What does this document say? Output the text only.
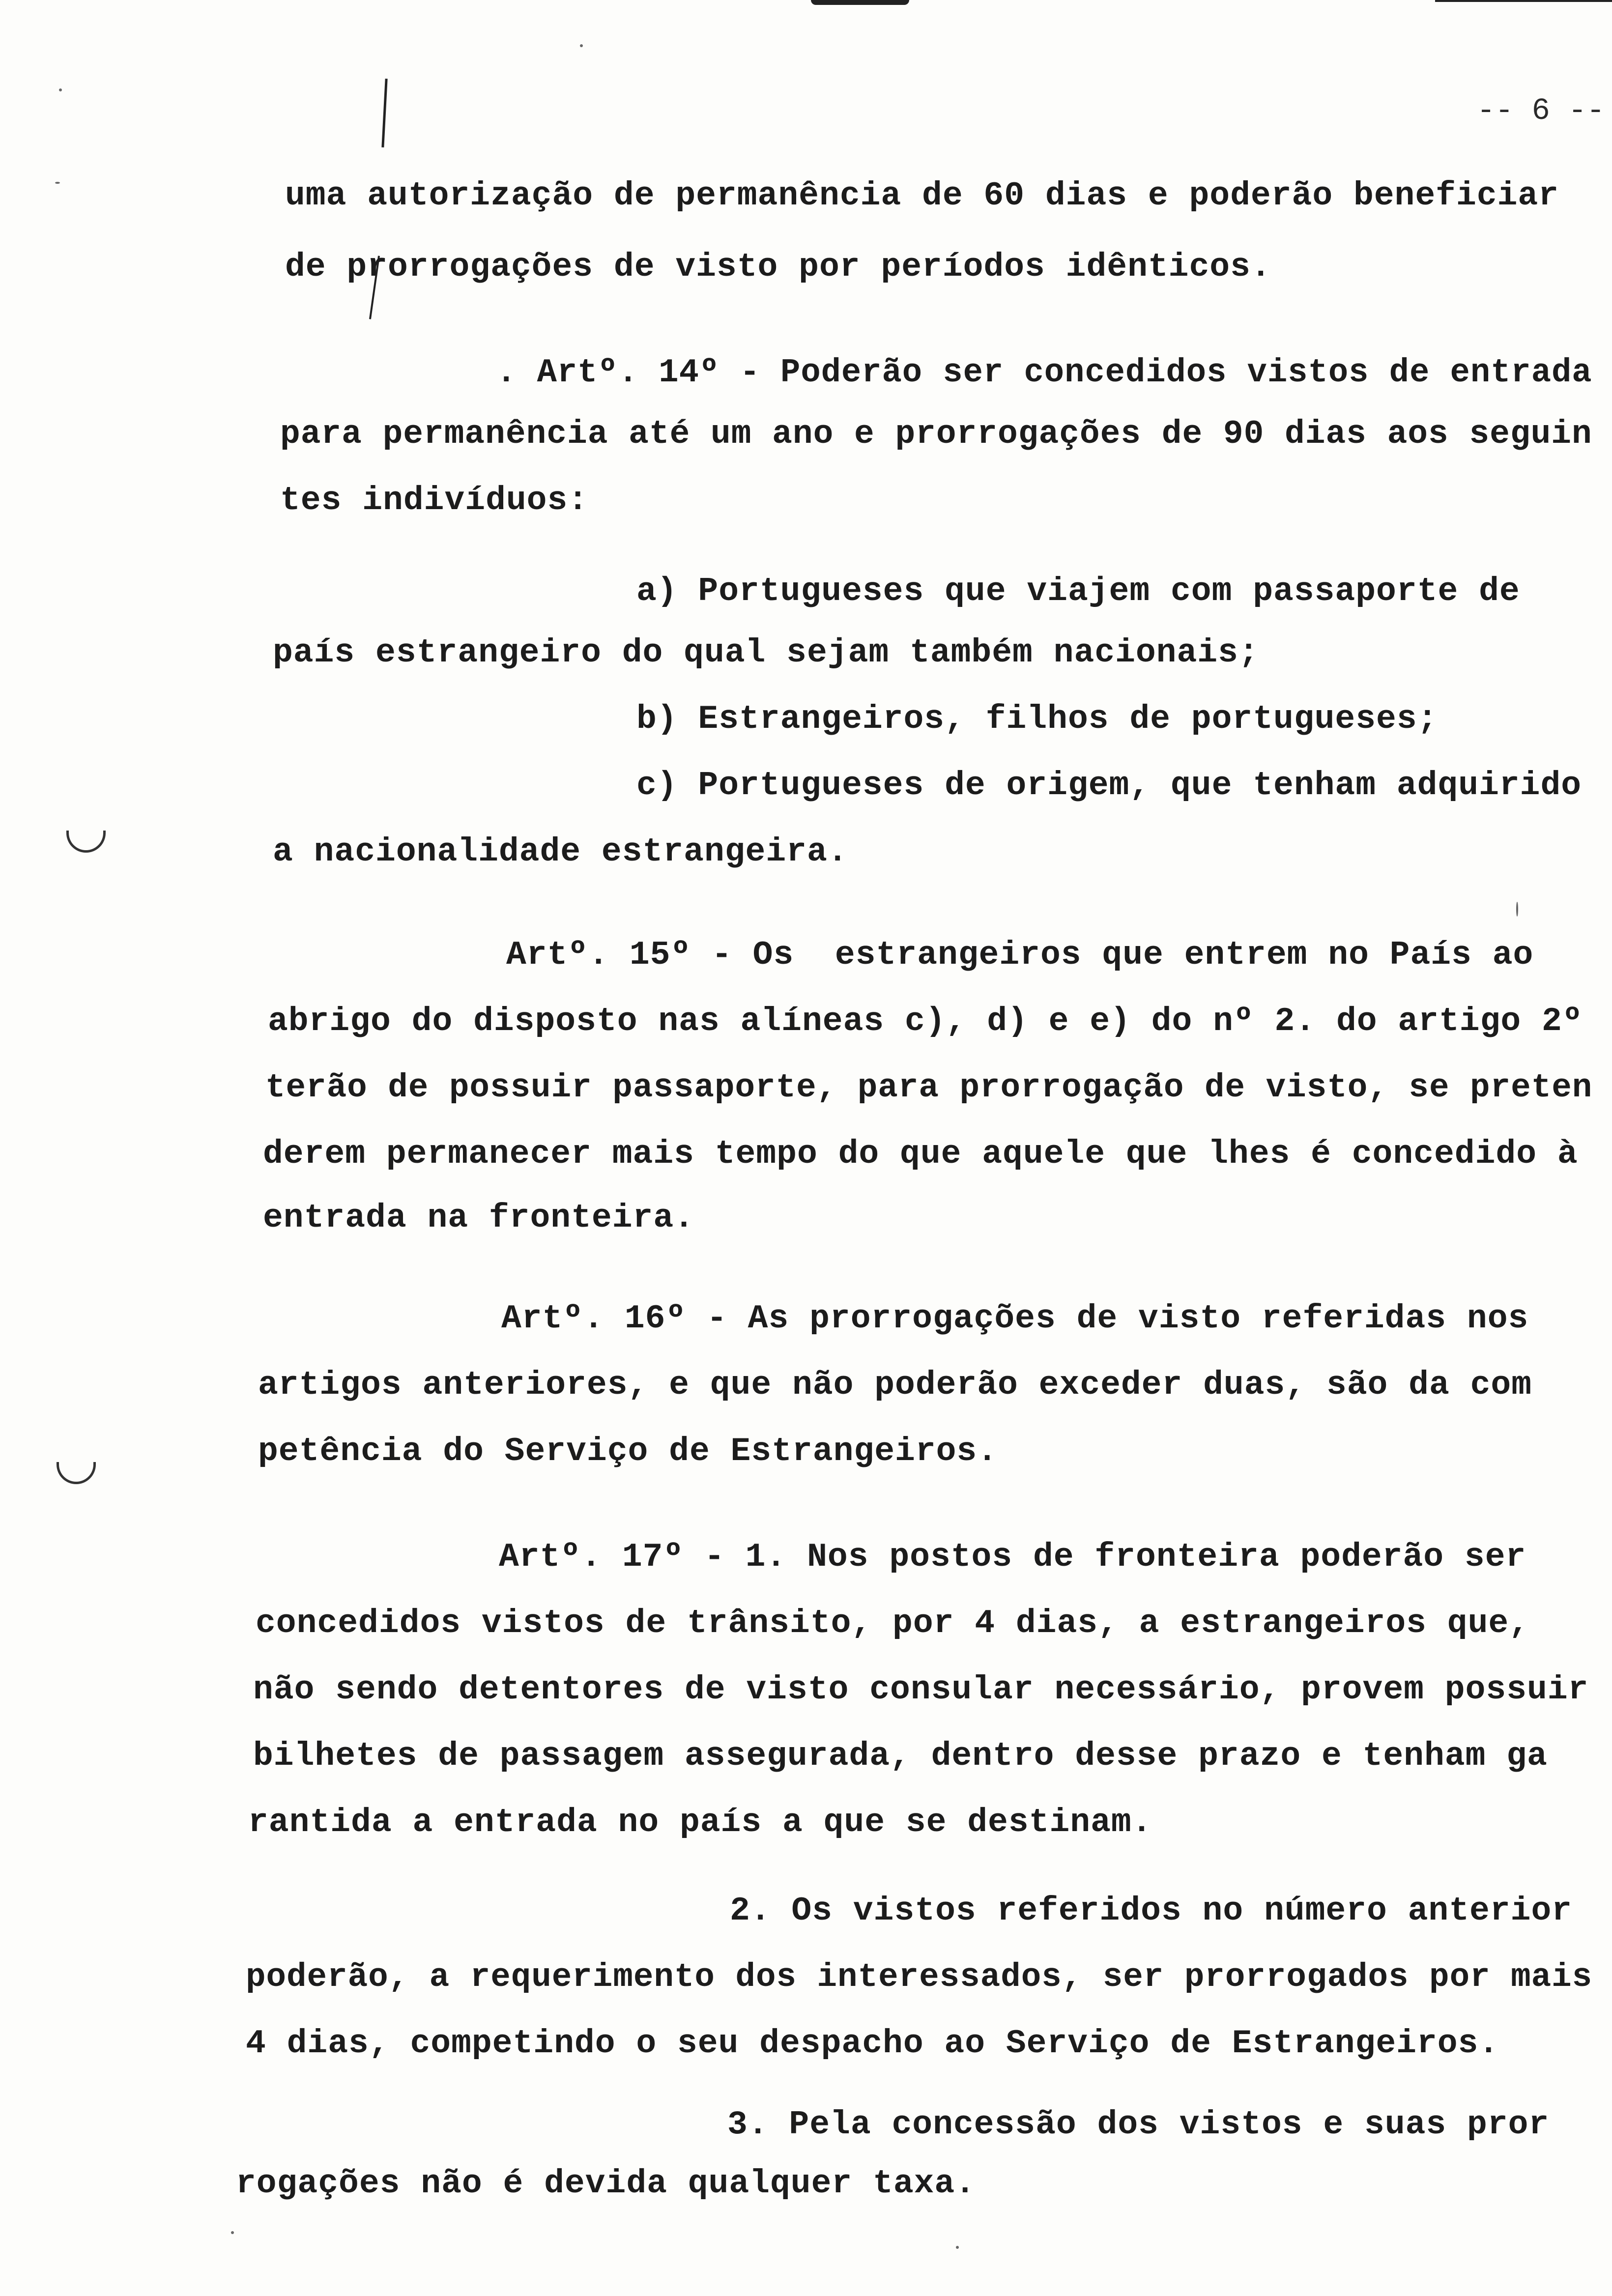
-- 6 --
uma autorização de permanência de 60 dias e poderão beneficiar
de prorrogações de visto por períodos idênticos.
. Artº. 14º - Poderão ser concedidos vistos de entrada
para permanência até um ano e prorrogações de 90 dias aos seguin
tes indivíduos:
a) Portugueses que viajem com passaporte de
país estrangeiro do qual sejam também nacionais;
b) Estrangeiros, filhos de portugueses;
c) Portugueses de origem, que tenham adquirido
a nacionalidade estrangeira.
Artº. 15º - Os  estrangeiros que entrem no País ao
abrigo do disposto nas alíneas c), d) e e) do nº 2. do artigo 2º
terão de possuir passaporte, para prorrogação de visto, se preten
derem permanecer mais tempo do que aquele que lhes é concedido à
entrada na fronteira.
Artº. 16º - As prorrogações de visto referidas nos
artigos anteriores, e que não poderão exceder duas, são da com
petência do Serviço de Estrangeiros.
Artº. 17º - 1. Nos postos de fronteira poderão ser
concedidos vistos de trânsito, por 4 dias, a estrangeiros que,
não sendo detentores de visto consular necessário, provem possuir
bilhetes de passagem assegurada, dentro desse prazo e tenham ga
rantida a entrada no país a que se destinam.
2. Os vistos referidos no número anterior
poderão, a requerimento dos interessados, ser prorrogados por mais
4 dias, competindo o seu despacho ao Serviço de Estrangeiros.
3. Pela concessão dos vistos e suas pror
rogações não é devida qualquer taxa.
